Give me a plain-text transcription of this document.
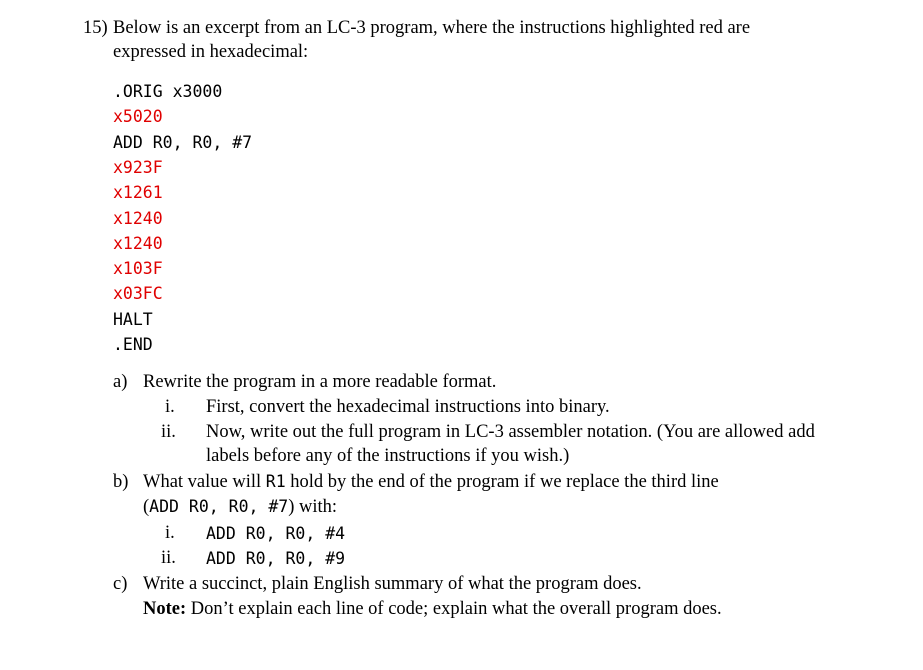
15) Below is an excerpt from an LC-3 program, where the instructions highlighted red are
expressed in hexadecimal:
.ORIG x3000
x5020
ADD R0, R0, #7
x923F
x1261
x1240
x1240
x103F
x03FC
HALT
.END
a) Rewrite the program in a more readable format.
i. First, convert the hexadecimal instructions into binary.
ii. Now, write out the full program in LC-3 assembler notation. (You are allowed add
labels before any of the instructions if you wish.)
b) What value will R1 hold by the end of the program if we replace the third line
(ADD R0, R0, #7) with:
i. ADD R0, R0, #4
ii. ADD R0, R0, #9
c) Write a succinct, plain English summary of what the program does.
Note: Don’t explain each line of code; explain what the overall program does.
